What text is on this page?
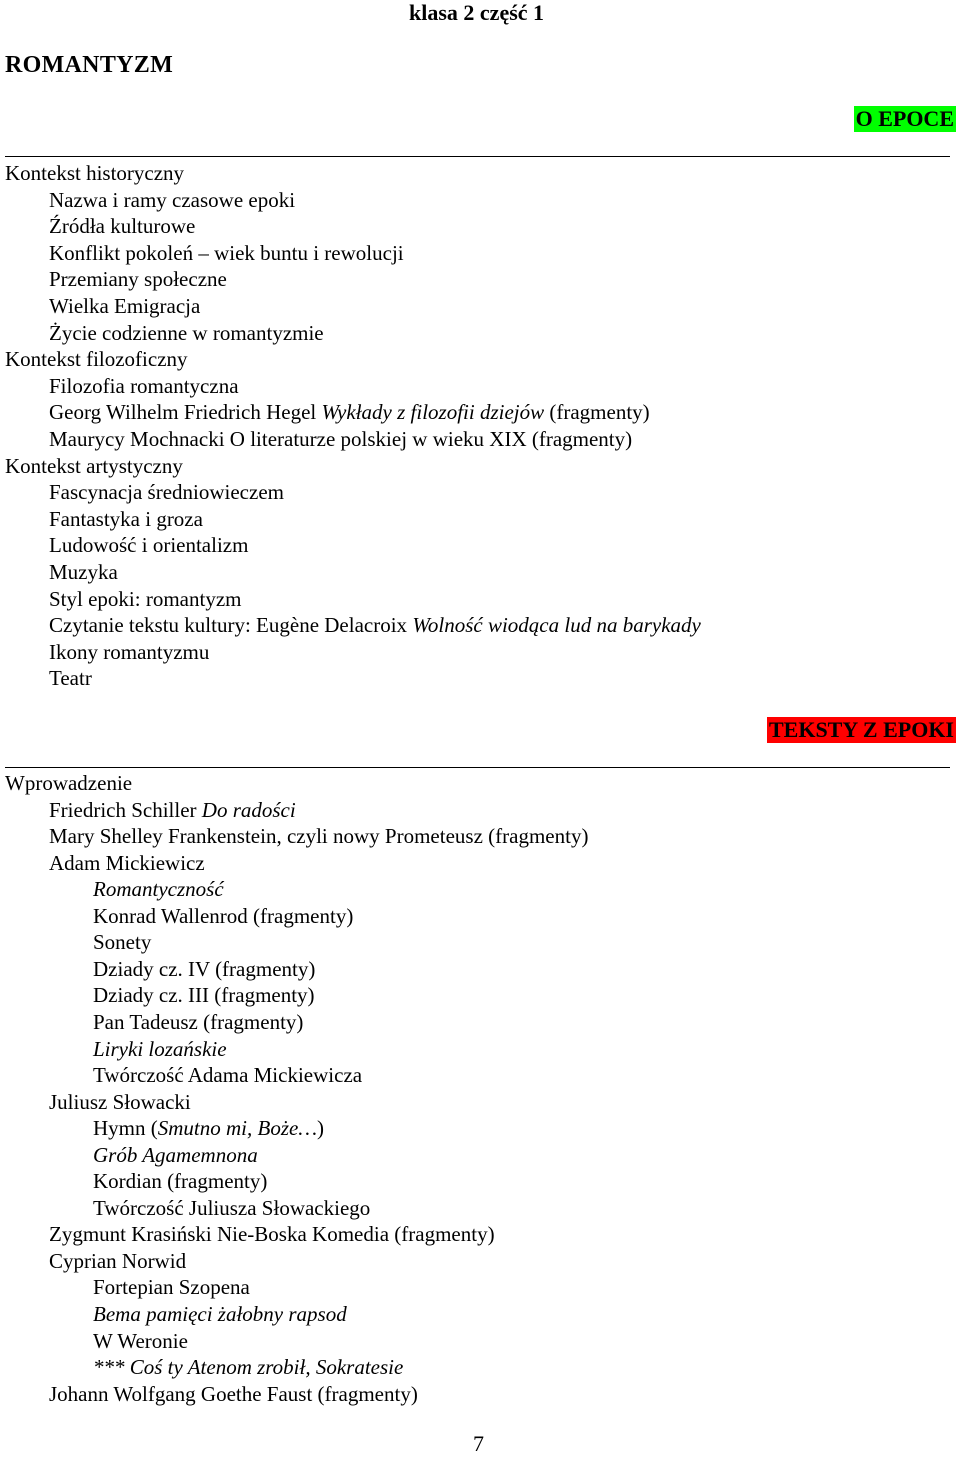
klasa 2 część 1
ROMANTYZM
O EPOCE
Kontekst historyczny
Nazwa i ramy czasowe epoki
Źródła kulturowe
Konflikt pokoleń – wiek buntu i rewolucji
Przemiany społeczne
Wielka Emigracja
Życie codzienne w romantyzmie
Kontekst filozoficzny
Filozofia romantyczna
Georg Wilhelm Friedrich Hegel Wykłady z filozofii dziejów (fragmenty)
Maurycy Mochnacki O literaturze polskiej w wieku XIX (fragmenty)
Kontekst artystyczny
Fascynacja średniowieczem
Fantastyka i groza
Ludowość i orientalizm
Muzyka
Styl epoki: romantyzm
Czytanie tekstu kultury: Eugène Delacroix Wolność wiodąca lud na barykady
Ikony romantyzmu
Teatr
TEKSTY Z EPOKI
Wprowadzenie
Friedrich Schiller Do radości
Mary Shelley Frankenstein, czyli nowy Prometeusz (fragmenty)
Adam Mickiewicz
Romantyczność
Konrad Wallenrod (fragmenty)
Sonety
Dziady cz. IV (fragmenty)
Dziady cz. III (fragmenty)
Pan Tadeusz (fragmenty)
Liryki lozańskie
Twórczość Adama Mickiewicza
Juliusz Słowacki
Hymn (Smutno mi, Boże…)
Grób Agamemnona
Kordian (fragmenty)
Twórczość Juliusza Słowackiego
Zygmunt Krasiński Nie-Boska Komedia (fragmenty)
Cyprian Norwid
Fortepian Szopena
Bema pamięci żałobny rapsod
W Weronie
*** Coś ty Atenom zrobił, Sokratesie
Johann Wolfgang Goethe Faust (fragmenty)
7
